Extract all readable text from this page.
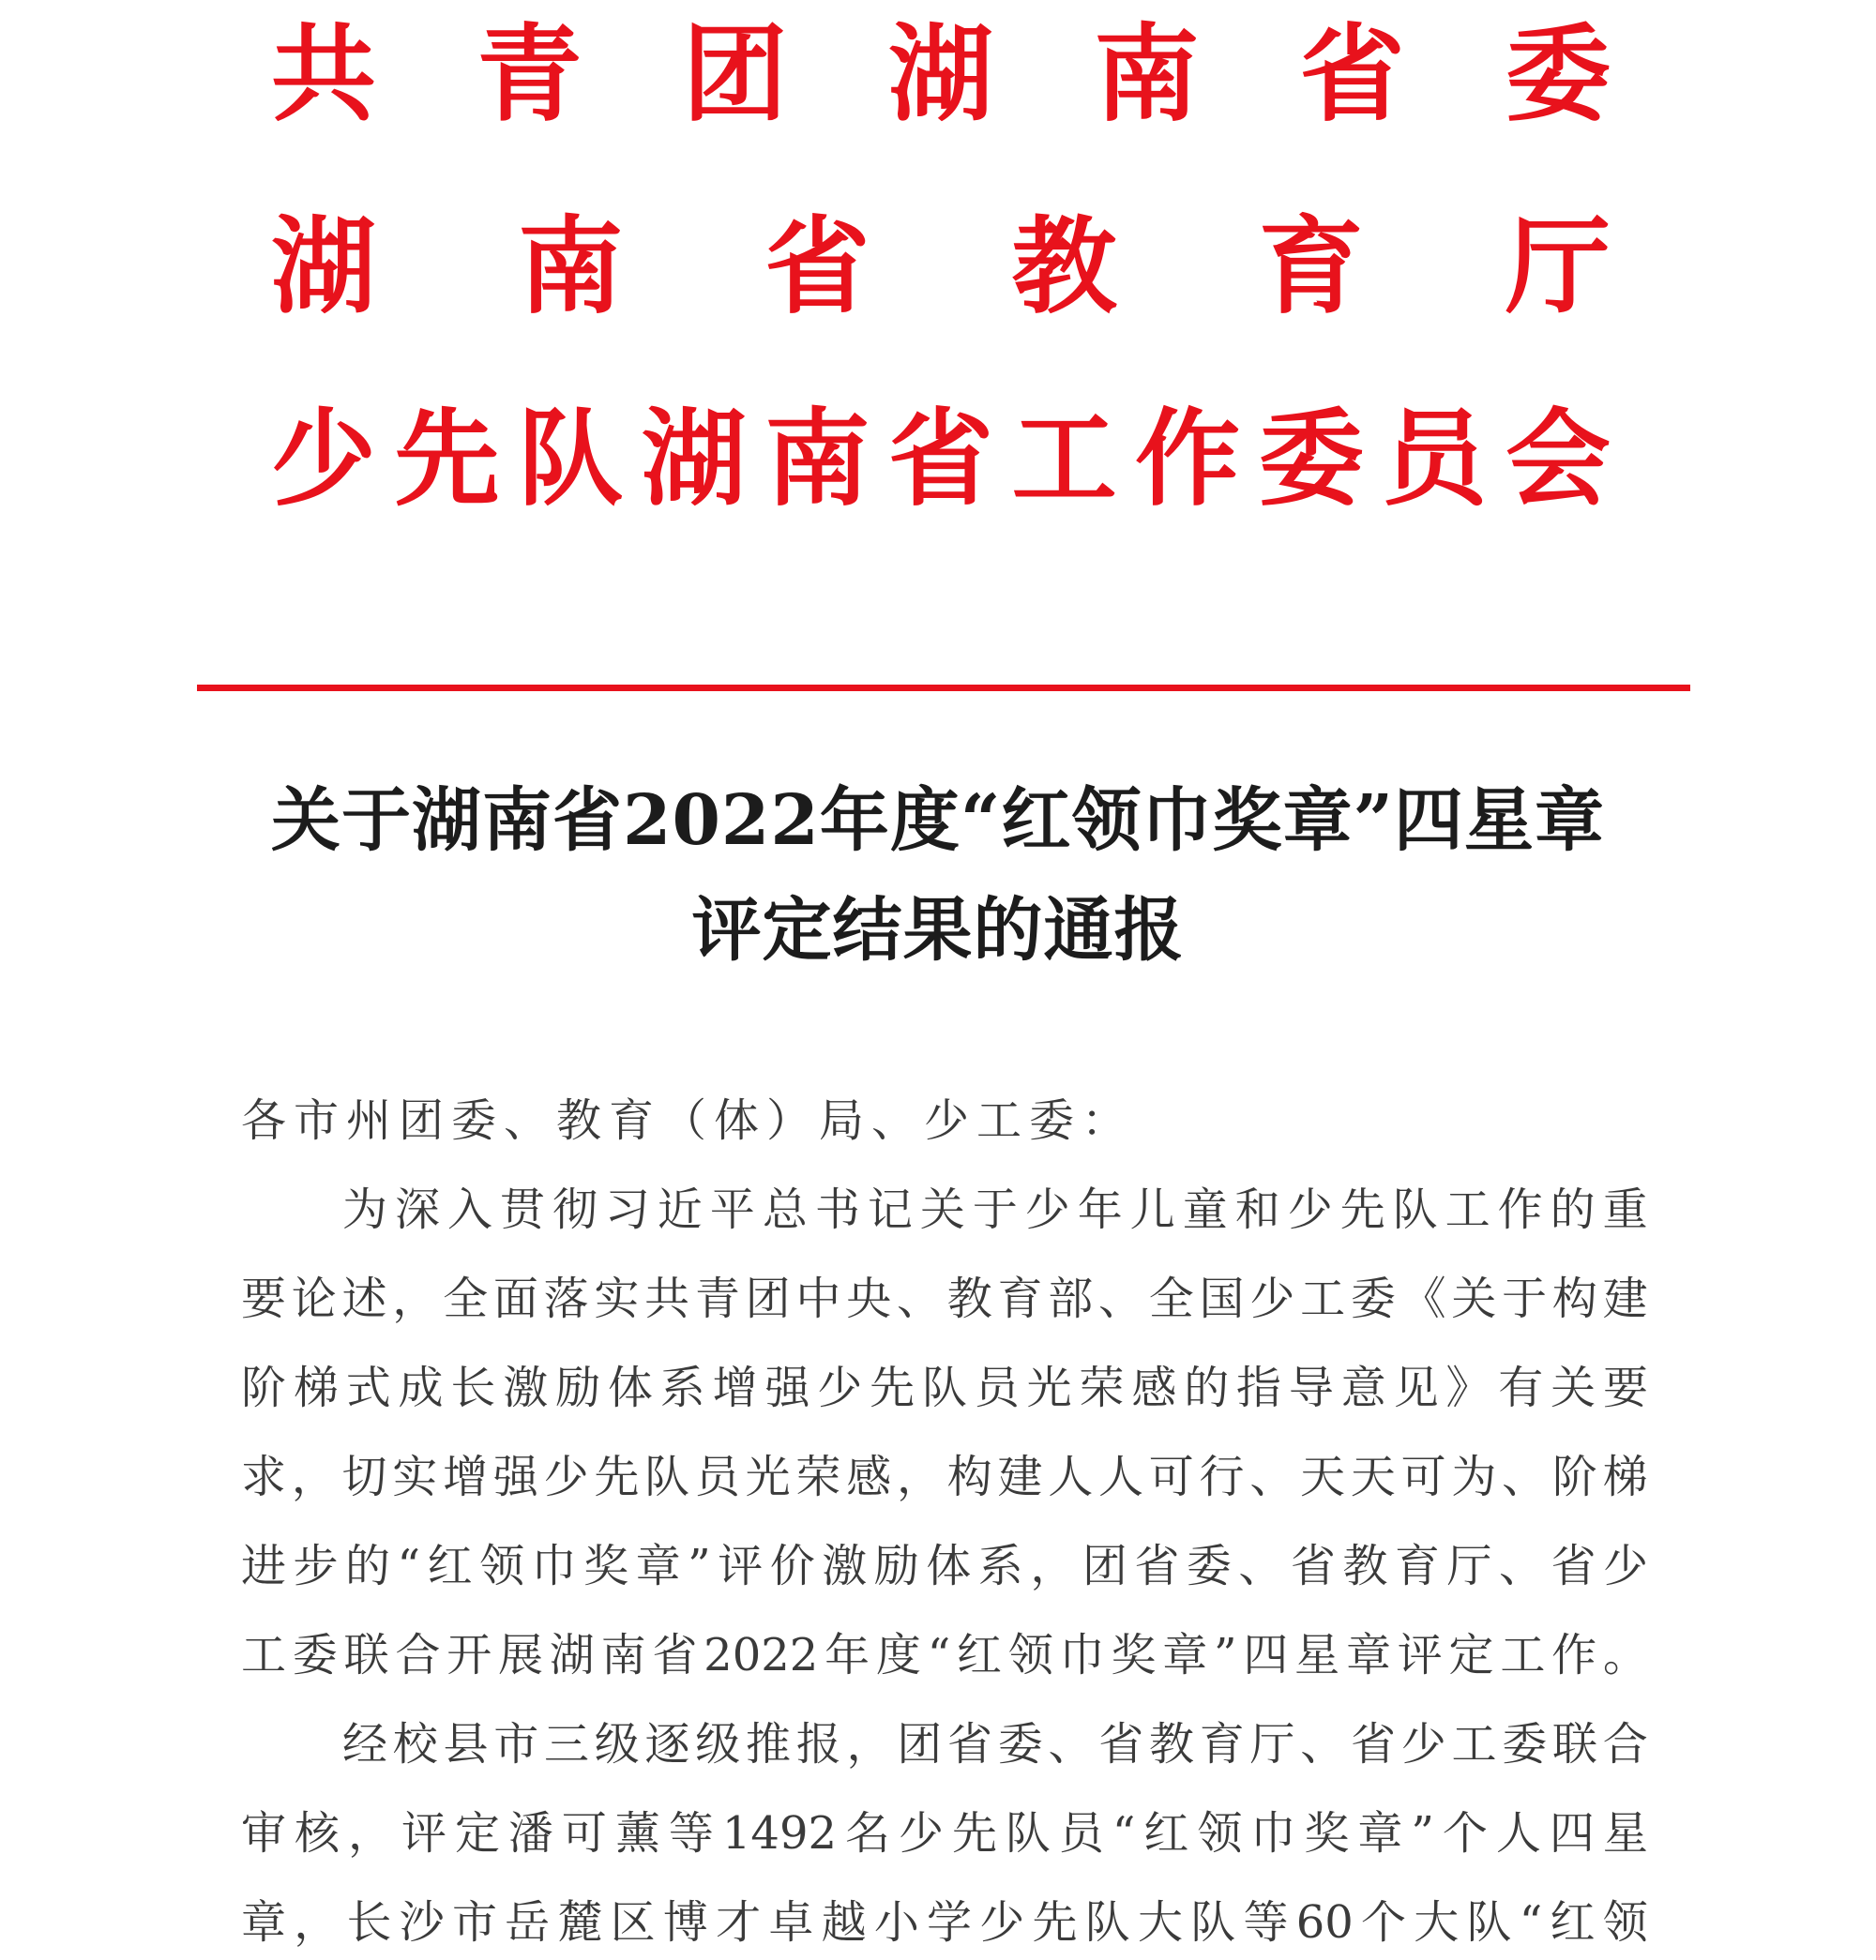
共 青 团 湖 南 省 委
湖 南 省 教 育 厅
少 先 队 湖 南 省 工 作 委 员 会
关于湖南省2022年度“红领巾奖章”四星章
评定结果的通报
各市州团委、教育（体）局、少工委：
为 深 入 贯 彻 习 近 平 总 书 记 关 于 少 年 儿 童 和 少 先 队 工 作 的 重
要 论 述 ， 全 面 落 实 共 青 团 中 央 、 教 育 部 、 全 国 少 工 委 《 关 于 构 建
阶 梯 式 成 长 激 励 体 系 增 强 少 先 队 员 光 荣 感 的 指 导 意 见 》 有 关 要
求 ， 切 实 增 强 少 先 队 员 光 荣 感 ， 构 建 人 人 可 行 、 天 天 可 为 、 阶 梯
进 步 的 “ 红 领 巾 奖 章 ” 评 价 激 励 体 系 ， 团 省 委 、 省 教 育 厅 、 省 少
工 委 联 合 开 展 湖 南 省 2022 年 度 “ 红 领 巾 奖 章 ” 四 星 章 评 定 工 作 。
经 校 县 市 三 级 逐 级 推 报 ， 团 省 委 、 省 教 育 厅 、 省 少 工 委 联 合
审 核 ， 评 定 潘 可 薰 等 1492 名 少 先 队 员 “ 红 领 巾 奖 章 ” 个 人 四 星
章 ， 长 沙 市 岳 麓 区 博 才 卓 越 小 学 少 先 队 大 队 等 60 个 大 队 “ 红 领
